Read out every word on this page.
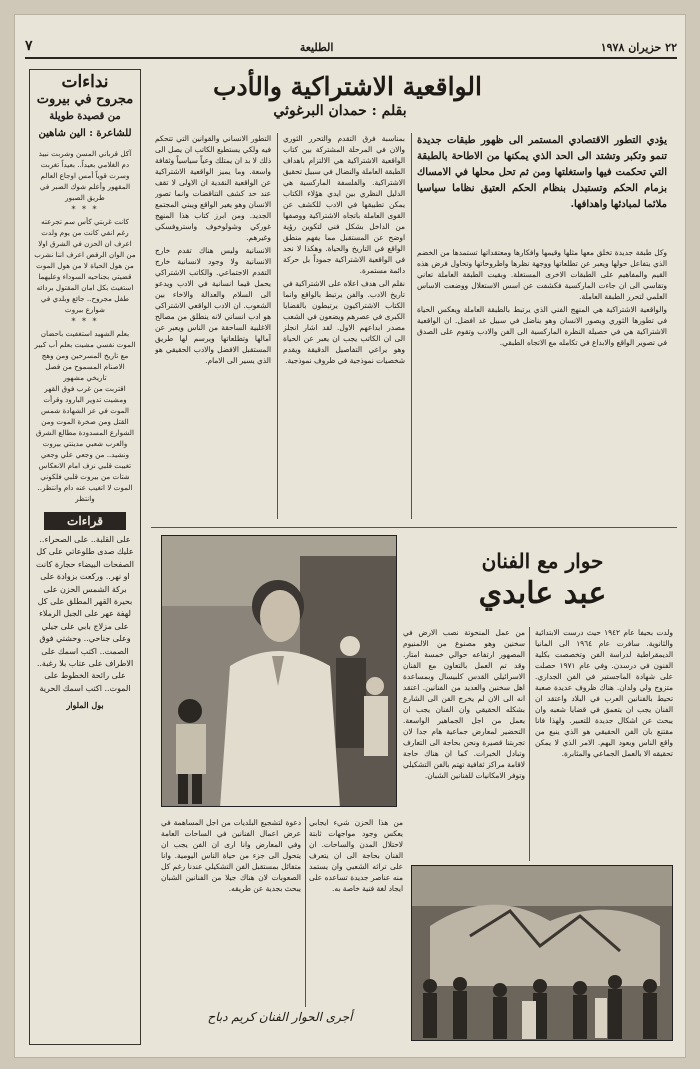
٢٢ حزيران ١٩٧٨
الطليعة
٧
نداءات
مجروح في بيروت
من قصيدة طويلة
للشاعرة : الين شاهين
آكل قرباني المسن وشربت نبيذ دم الغلامي بعيداً.. بعيداً تغربت وسرت قوياً أمس اوجاع العالم المقهور وأعلم شوك الصبر في طريق الصبور
* * *
كانت غربتي كأس سم تجرعته رغم انفي كانت من يوم ولدت اعرف ان الحزن في الشرق اولا من الوان الرفض اعرف اننا نشرب من هول الحياة لا من هول الموت قضيتي بجناحيه السوداء وعليهما استغيث بكل امان المقتول بردائه طفل مجروح.. جائع وبلدي في شوارع بيروت
* * *
بعلم الشهيد استغفيت باحضان الموت نفسي مشيت بعلم أب كبير مع تاريخ المسرحين ومن وهج الاصنام المسموح من فصل تاريخي مشهور
اقتربت من غرب فوق القهر ومشيت تدوير البارود وقرأت الموت في عز الشهادة شمس القتل ومن صخرة الموت ومن الشوارع المسدودة مطالع الشرق والعرب شعبي مدينتي بيروت
ونشيد.. من وجعي علي وجعي تغيبت قلبي نزف امام الانعكاس شتات من بيروت قلبي فلكوني الموت لا اتغيب عنه دام وانتظر.. وانتظر
قراءات
على القلبة.. على الصحراء.. عليك صدى طلوعاتي على كل الصفحات البيضاء حجارة كانت او نهر.. وركعت بزوادة على بركة الشمس الحزن على بحيرة القهر المطلق على كل لهفة عهر على الجبل الرملاء على مزلاج بابي على جيلي وعلى جناحي.. وحشتي فوق الصمت.. اكتب اسمك على الاطراف على عتاب بلا رغبة.. على رائحة الخطوط على الموت.. اكتب اسمك الحرية
بول الملوار
الواقعية الاشتراكية والأدب
بقلم : حمدان البرغوثي
يؤدي التطور الاقتصادي المستمر الى ظهور طبقات جديدة تنمو وتكبر وتشتد الى الحد الذي يمكنها من الاطاحة بالطبقة التي تحكمت فيها واستغلتها ومن ثم تحل محلها في الامساك بزمام الحكم وتستبدل بنظام الحكم العتيق نظاما سياسيا ملائما لمبادئها واهدافها.

وكل طبقة جديدة تخلق معها مثلها وقيمها وافكارها ومعتقداتها تستمدها من الخضم الذي يتفاعل حولها ويعبر عن تطلعاتها ووجهة نظرها واطروحاتها وتحاول فرض هذه القيم والمفاهيم على الطبقات الاخرى المستغلة. وبقيت الطبقة العاملة تعاني وتقاسي الى ان جاءت الماركسية فكشفت عن اسس الاستغلال ووضعت الاساس العلمي لتحرر الطبقة العاملة.

والواقعية الاشتراكية هي المنهج الفني الذي يرتبط بالطبقة العاملة ويعكس الحياة في تطورها الثوري ويصور الانسان وهو يناضل في سبيل غد افضل. ان الواقعية الاشتراكية هي في حصيلة النظرة الماركسية الى الفن والادب وتقوم على الصدق في تصوير الواقع والابداع في تكامله مع الاتجاه الطبقي.

بمناسبة فرق التقدم والتحرر الثوري والان في المرحلة المشتركة بين كتاب الواقعية الاشتراكية هي الالتزام باهداف الطبقة العاملة والنضال في سبيل تحقيق الاشتراكية. والفلسفة الماركسية هي الدليل النظري بين ايدي هؤلاء الكتاب يمكن تطبيقها في الادب للكشف عن القوى العاملة باتجاه الاشتراكية ووصفها من الداخل بشكل فني لتكوين رؤية اوضح عن المستقبل مما يفهم منطق الواقع في التاريخ والحياة. وهكذا لا نجد في الواقعية الاشتراكية جموداً بل حركة دائمة مستمرة.

نقلم الى هدف اعلاه على الاشتراكية في تاريخ الادب. والفن يرتبط بالواقع وانما الكتاب الاشتراكيون يرتبطون بالقضايا الكبرى في عصرهم ويضعون في الشعب مصدر ابداعهم الاول. لقد اشار انجلز الى ان الكاتب يجب ان يعبر عن الحياة وهو يراعي التفاصيل الدقيقة ويقدم شخصيات نموذجية في ظروف نموذجية.

التطور الانساني والقوانين التي تتحكم فيه ولكي يستطيع الكاتب ان يصل الى ذلك لا بد ان يمتلك وعياً سياسياً وثقافة واسعة. وما يميز الواقعية الاشتراكية عن الواقعية النقدية ان الاولى لا تقف عند حد كشف التناقضات وانما تصور الانسان وهو يغير الواقع ويبني المجتمع الجديد. ومن ابرز كتاب هذا المنهج غوركي وشولوخوف واستروفسكي وغيرهم.

الانسانية وليس هناك تقدم خارج الانسانية ولا وجود لانسانية خارج التقدم الاجتماعي. والكاتب الاشتراكي يحمل قيما انسانية في الادب ويدعو الى السلام والعدالة والاخاء بين الشعوب. ان الادب الواقعي الاشتراكي هو ادب انساني لانه ينطلق من مصالح الاغلبية الساحقة من الناس ويعبر عن آمالها وتطلعاتها ويرسم لها طريق المستقبل الافضل والادب الحقيقي هو الذي يسير الى الامام.

حوار مع الفنان
عبد عابدي

ولدت بحيفا عام ١٩٤٢ حيث درست الابتدائية والثانوية. سافرت عام ١٩٦٤ الى المانيا الديمقراطية لدراسة الفن وتخصصت بكلية الفنون في درسدن. وفي عام ١٩٧١ حصلت على شهادة الماجستير في الفن الجداري. متزوج ولي ولدان. هناك ظروف عديدة صعبة تحيط بالفنانين العرب في البلاد واعتقد ان الفنان يجب ان يتعمق في قضايا شعبه وان يبحث عن اشكال جديدة للتعبير. ولهذا فانا مقتنع بان الفن الحقيقي هو الذي ينبع من واقع الناس ويعود اليهم. الامر الذي لا يمكن تحقيقه الا بالعمل الجماعي والمثابرة.

من عمل المنحوتة نصب الارض في سخنين وهو مصنوع من الالمنيوم المصهور ارتفاعه حوالي خمسة امتار. وقد تم العمل بالتعاون مع الفنان الاسرائيلي القدس كلبيسال وبمساعدة اهل سخنين والعديد من الفنانين. اعتقد انه الى الان لم يخرج الفن الى الشارع بشكله الحقيقي وان الفنان يجب ان يعمل من اجل الجماهير الواسعة. التحضير لمعارض جماعية هام جدا لان تجربتنا قصيرة ونحن بحاجة الى التعارف وتبادل الخبرات. كما ان هناك حاجة لاقامة مراكز ثقافية تهتم بالفن التشكيلي وتوفر الامكانيات للفنانين الشبان.

من هذا الحزن شيء ايجابي يعكس وجود مواجهات ثابتة لاحتلال المدن والساحات. ان الفنان بحاجة الى ان يتعرف على تراثه الشعبي وان يستمد منه عناصر جديدة تساعده على ايجاد لغة فنية خاصة به.

دعوة لتشجيع البلديات من اجل المساهمة في عرض اعمال الفنانين في الساحات العامة وفي المعارض وانا ارى ان الفن يجب ان يتحول الى جزء من حياة الناس اليومية. وانا متفائل بمستقبل الفن التشكيلي عندنا رغم كل الصعوبات لان هناك جيلا من الفنانين الشبان يبحث بجدية عن طريقه.

أجرى الحوار الفنان كريم دباح
